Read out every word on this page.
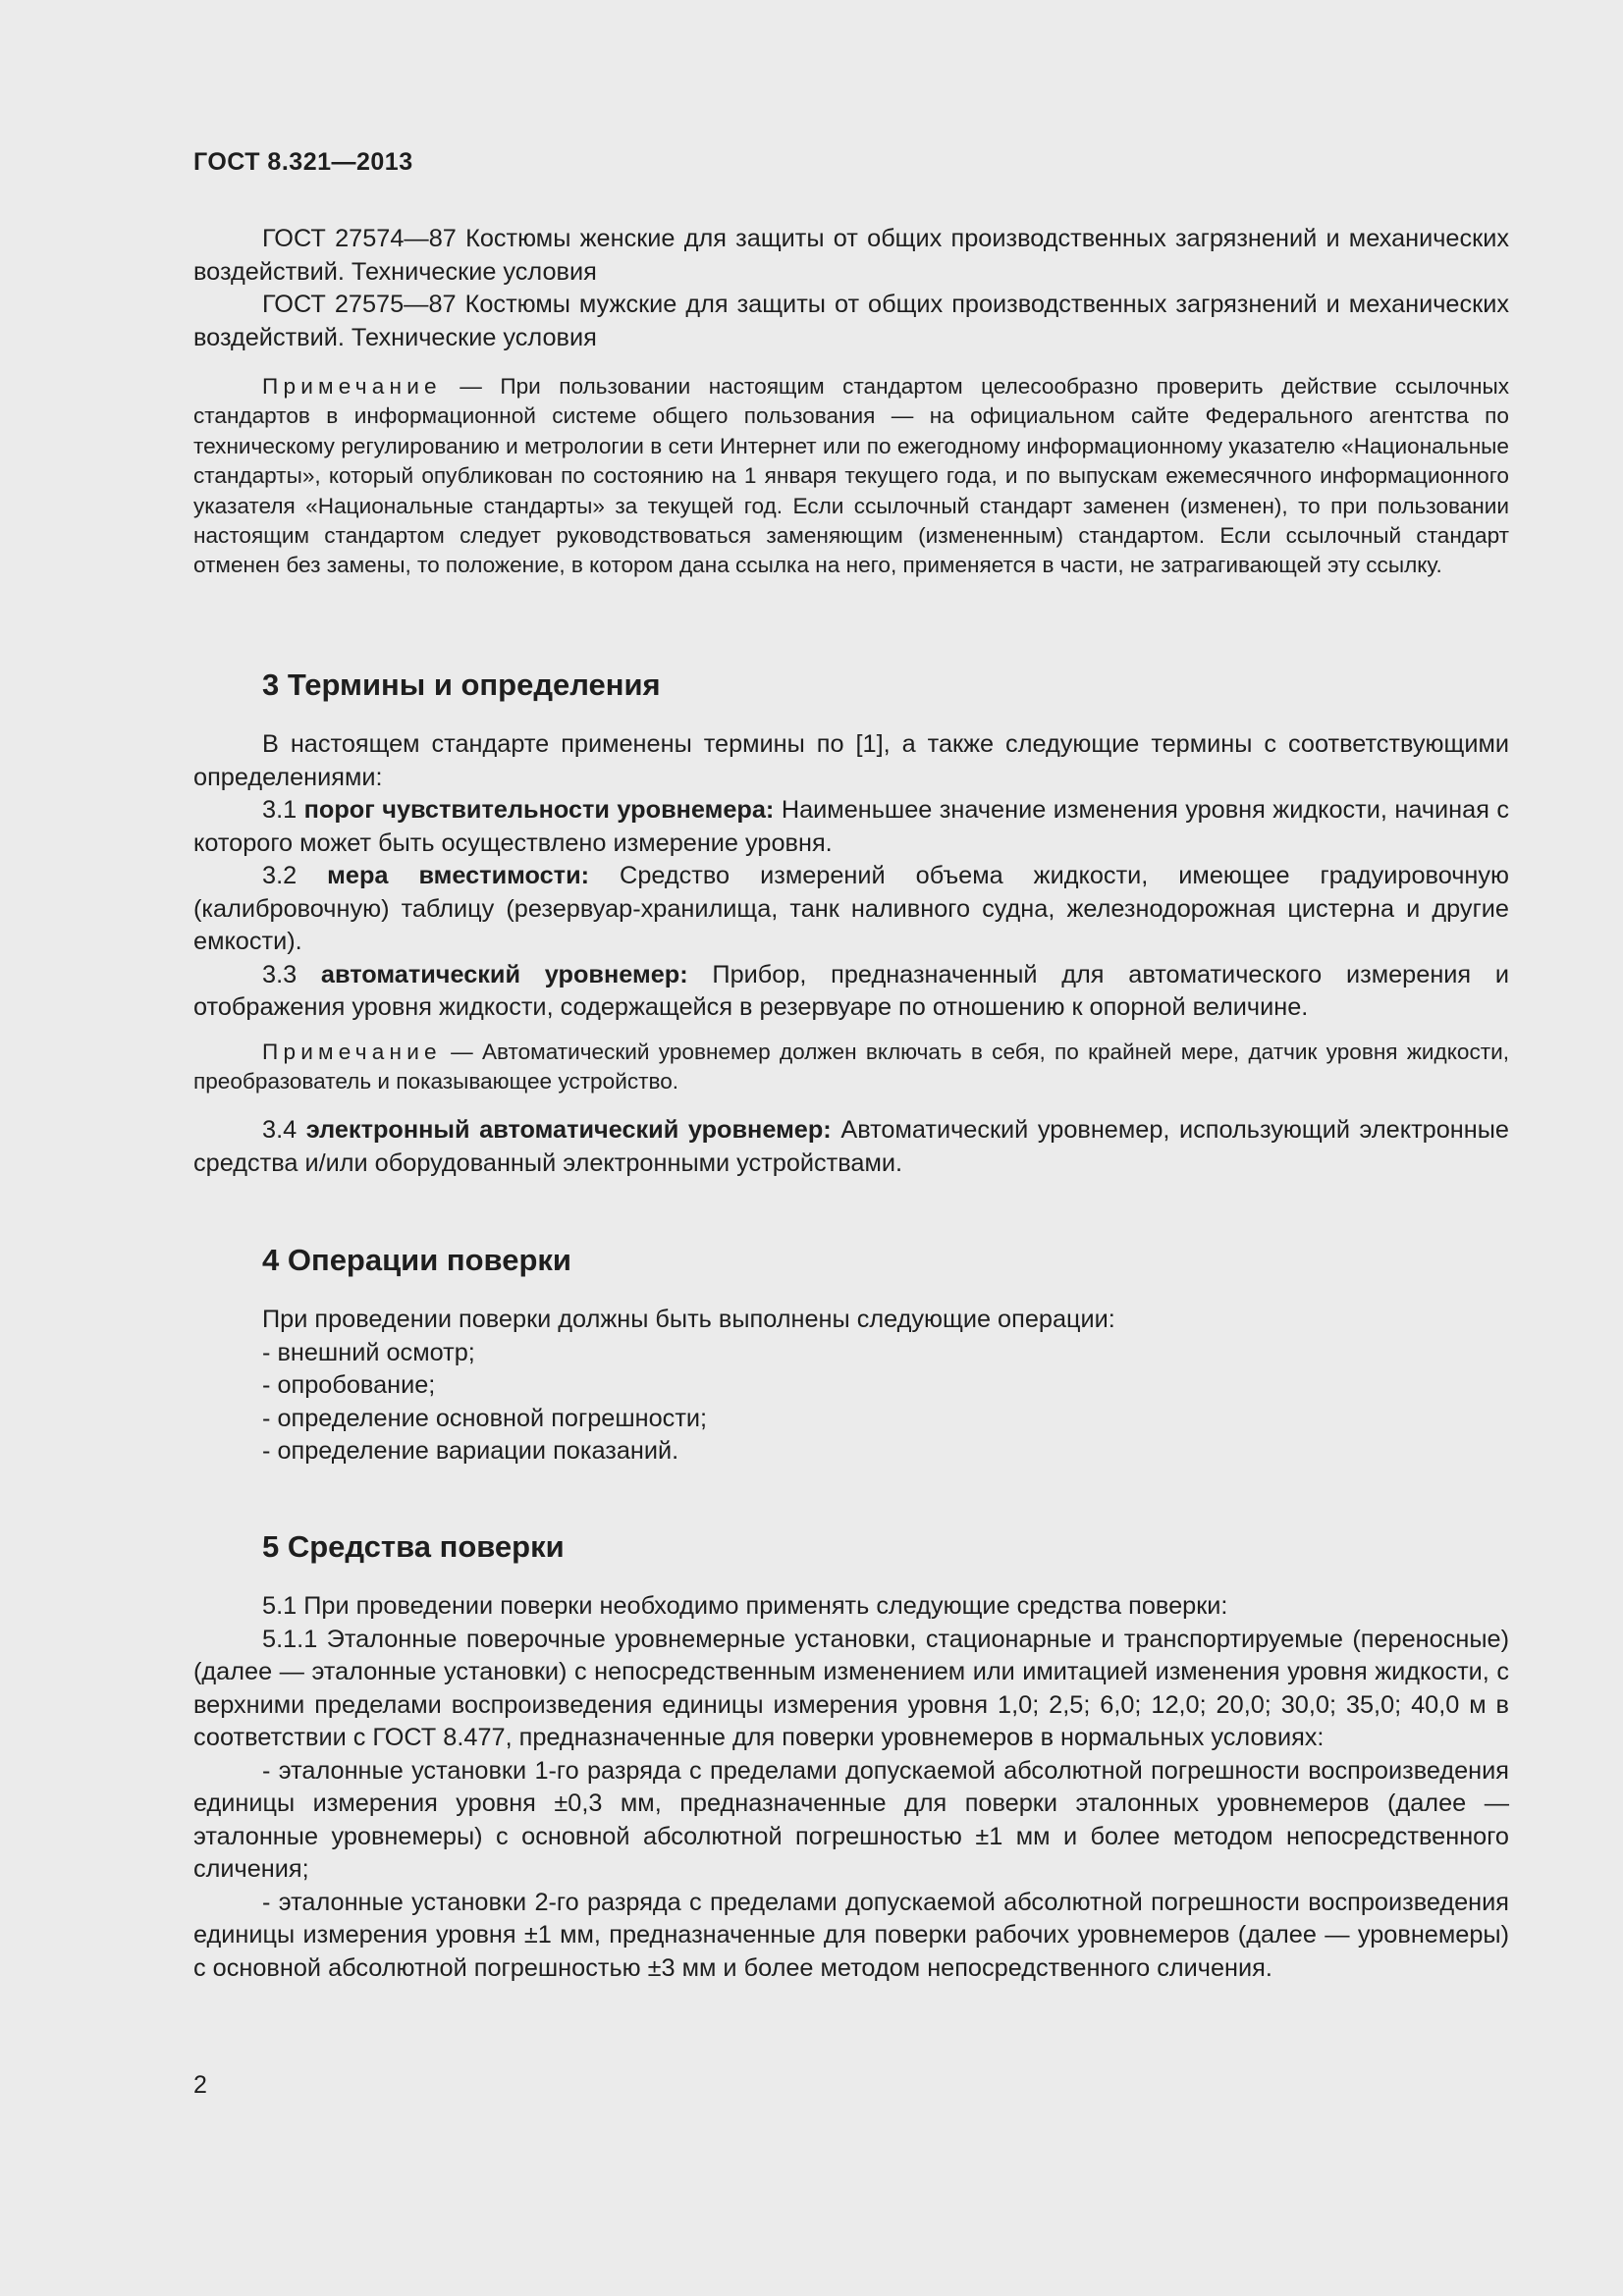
ГОСТ 8.321—2013

ГОСТ 27574—87 Костюмы женские для защиты от общих производственных загрязнений и механических воздействий. Технические условия

ГОСТ 27575—87 Костюмы мужские для защиты от общих производственных загрязнений и механических воздействий. Технические условия

Примечание — При пользовании настоящим стандартом целесообразно проверить действие ссылочных стандартов в информационной системе общего пользования — на официальном сайте Федерального агентства по техническому регулированию и метрологии в сети Интернет или по ежегодному информационному указателю «Национальные стандарты», который опубликован по состоянию на 1 января текущего года, и по выпускам ежемесячного информационного указателя «Национальные стандарты» за текущей год. Если ссылочный стандарт заменен (изменен), то при пользовании настоящим стандартом следует руководствоваться заменяющим (измененным) стандартом. Если ссылочный стандарт отменен без замены, то положение, в котором дана ссылка на него, применяется в части, не затрагивающей эту ссылку.

3 Термины и определения

В настоящем стандарте применены термины по [1], а также следующие термины с соответствующими определениями:

3.1 порог чувствительности уровнемера: Наименьшее значение изменения уровня жидкости, начиная с которого может быть осуществлено измерение уровня.

3.2 мера вместимости: Средство измерений объема жидкости, имеющее градуировочную (калибровочную) таблицу (резервуар-хранилища, танк наливного судна, железнодорожная цистерна и другие емкости).

3.3 автоматический уровнемер: Прибор, предназначенный для автоматического измерения и отображения уровня жидкости, содержащейся в резервуаре по отношению к опорной величине.

Примечание — Автоматический уровнемер должен включать в себя, по крайней мере, датчик уровня жидкости, преобразователь и показывающее устройство.

3.4 электронный автоматический уровнемер: Автоматический уровнемер, использующий электронные средства и/или оборудованный электронными устройствами.

4 Операции поверки

При проведении поверки должны быть выполнены следующие операции:

- внешний осмотр;

- опробование;

- определение основной погрешности;

- определение вариации показаний.

5 Средства поверки

5.1 При проведении поверки необходимо применять следующие средства поверки:

5.1.1 Эталонные поверочные уровнемерные установки, стационарные и транспортируемые (переносные) (далее — эталонные установки) с непосредственным изменением или имитацией изменения уровня жидкости, с верхними пределами воспроизведения единицы измерения уровня 1,0; 2,5; 6,0; 12,0; 20,0; 30,0; 35,0; 40,0 м в соответствии с ГОСТ 8.477, предназначенные для поверки уровнемеров в нормальных условиях:

- эталонные установки 1-го разряда с пределами допускаемой абсолютной погрешности воспроизведения единицы измерения уровня ±0,3 мм, предназначенные для поверки эталонных уровнемеров (далее — эталонные уровнемеры) с основной абсолютной погрешностью ±1 мм и более методом непосредственного сличения;

- эталонные установки 2-го разряда с пределами допускаемой абсолютной погрешности воспроизведения единицы измерения уровня ±1 мм, предназначенные для поверки рабочих уровнемеров (далее — уровнемеры) с основной абсолютной погрешностью ±3 мм и более методом непосредственного сличения.

2
